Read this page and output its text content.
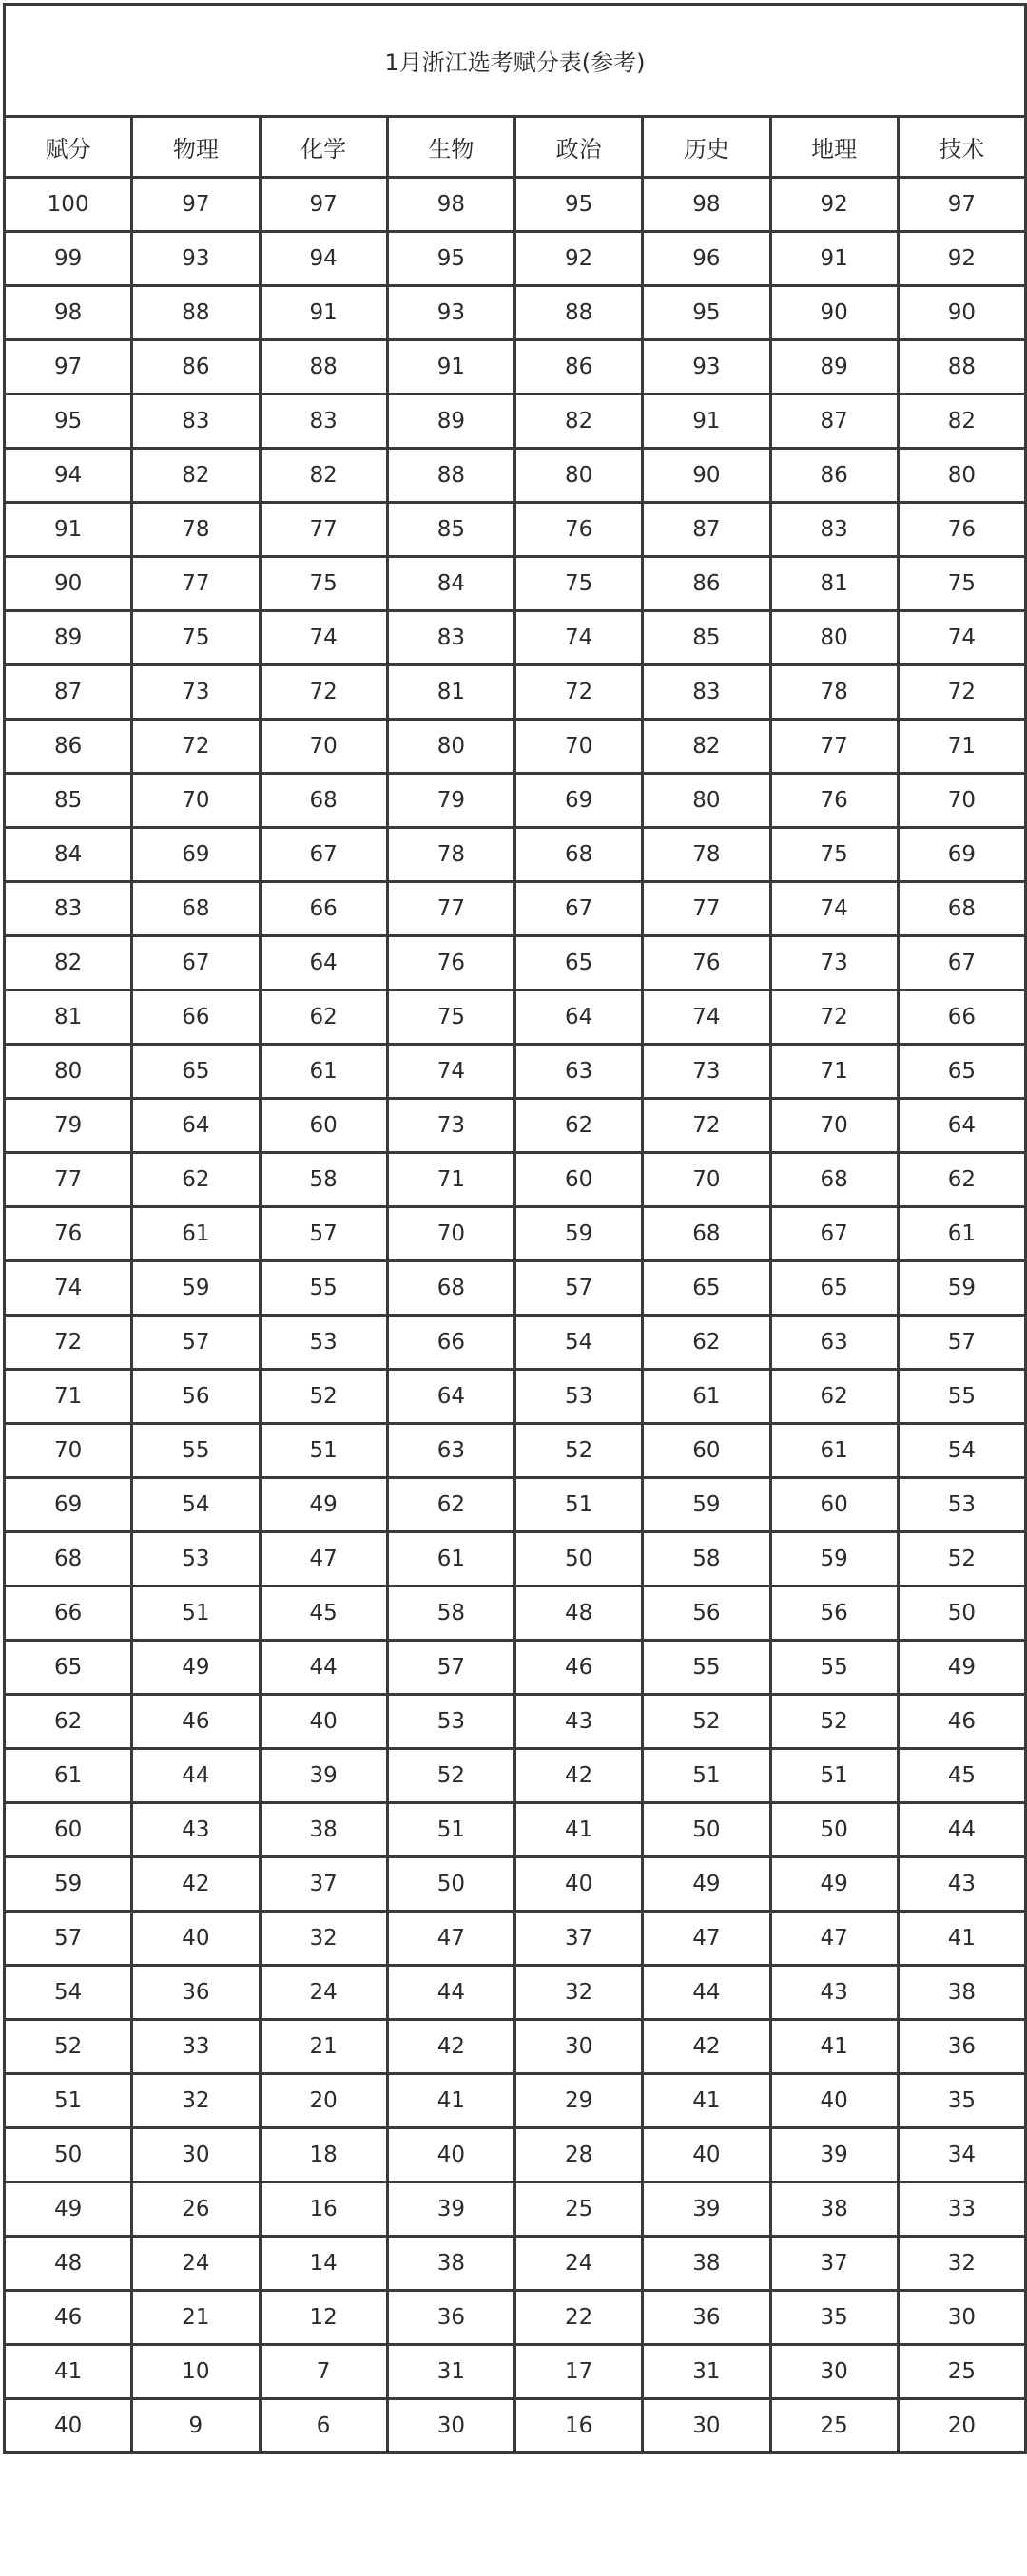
1月浙江选考赋分表(参考)							
赋分	物理	化学	生物	政治	历史	地理	技术
100	97	97	98	95	98	92	97
99	93	94	95	92	96	91	92
98	88	91	93	88	95	90	90
97	86	88	91	86	93	89	88
95	83	83	89	82	91	87	82
94	82	82	88	80	90	86	80
91	78	77	85	76	87	83	76
90	77	75	84	75	86	81	75
89	75	74	83	74	85	80	74
87	73	72	81	72	83	78	72
86	72	70	80	70	82	77	71
85	70	68	79	69	80	76	70
84	69	67	78	68	78	75	69
83	68	66	77	67	77	74	68
82	67	64	76	65	76	73	67
81	66	62	75	64	74	72	66
80	65	61	74	63	73	71	65
79	64	60	73	62	72	70	64
77	62	58	71	60	70	68	62
76	61	57	70	59	68	67	61
74	59	55	68	57	65	65	59
72	57	53	66	54	62	63	57
71	56	52	64	53	61	62	55
70	55	51	63	52	60	61	54
69	54	49	62	51	59	60	53
68	53	47	61	50	58	59	52
66	51	45	58	48	56	56	50
65	49	44	57	46	55	55	49
62	46	40	53	43	52	52	46
61	44	39	52	42	51	51	45
60	43	38	51	41	50	50	44
59	42	37	50	40	49	49	43
57	40	32	47	37	47	47	41
54	36	24	44	32	44	43	38
52	33	21	42	30	42	41	36
51	32	20	41	29	41	40	35
50	30	18	40	28	40	39	34
49	26	16	39	25	39	38	33
48	24	14	38	24	38	37	32
46	21	12	36	22	36	35	30
41	10	7	31	17	31	30	25
40	9	6	30	16	30	25	20
